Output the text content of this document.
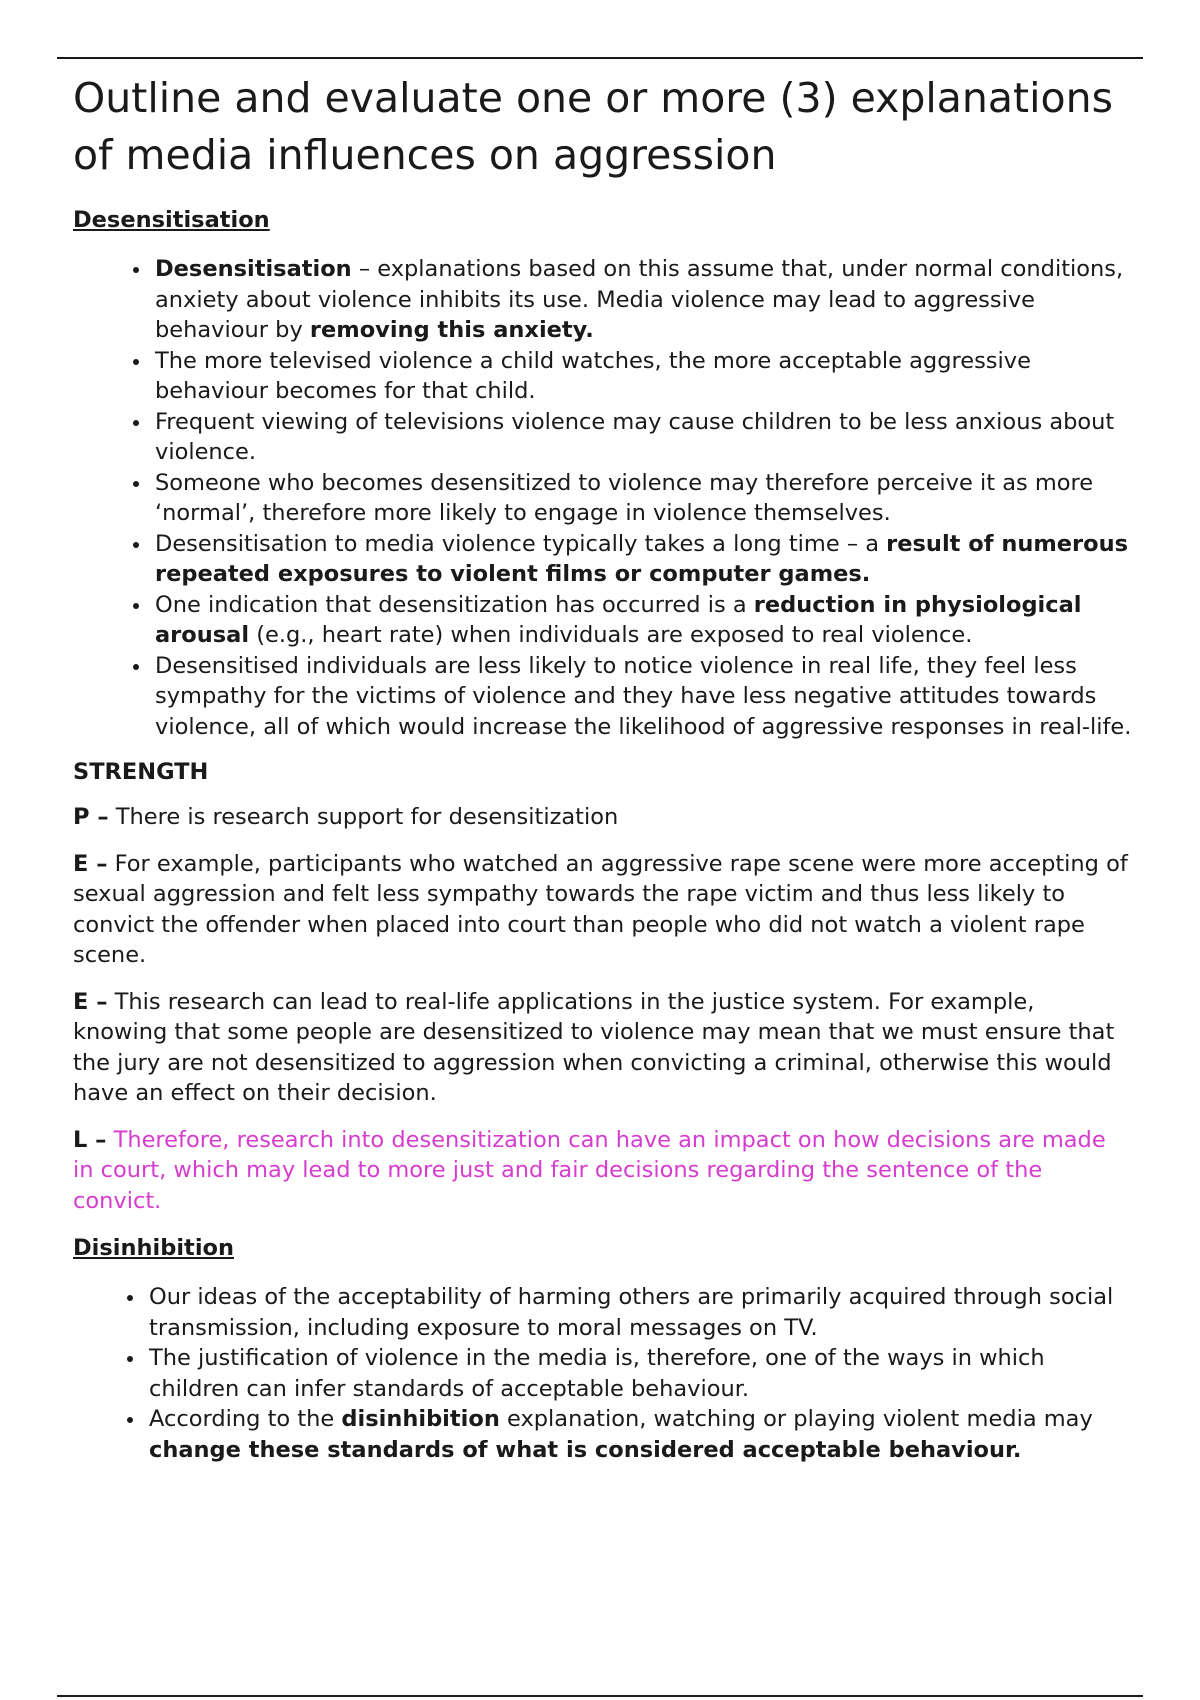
Outline and evaluate one or more (3) explanations of media influences on aggression
Desensitisation
• Desensitisation – explanations based on this assume that, under normal conditions, anxiety about violence inhibits its use. Media violence may lead to aggressive behaviour by removing this anxiety.
• The more televised violence a child watches, the more acceptable aggressive behaviour becomes for that child.
• Frequent viewing of televisions violence may cause children to be less anxious about violence.
• Someone who becomes desensitized to violence may therefore perceive it as more ‘normal’, therefore more likely to engage in violence themselves.
• Desensitisation to media violence typically takes a long time – a result of numerous repeated exposures to violent films or computer games.
• One indication that desensitization has occurred is a reduction in physiological arousal (e.g., heart rate) when individuals are exposed to real violence.
• Desensitised individuals are less likely to notice violence in real life, they feel less sympathy for the victims of violence and they have less negative attitudes towards violence, all of which would increase the likelihood of aggressive responses in real-life.
STRENGTH

P – There is research support for desensitization

E – For example, participants who watched an aggressive rape scene were more accepting of sexual aggression and felt less sympathy towards the rape victim and thus less likely to convict the offender when placed into court than people who did not watch a violent rape scene.

E – This research can lead to real-life applications in the justice system. For example, knowing that some people are desensitized to violence may mean that we must ensure that the jury are not desensitized to aggression when convicting a criminal, otherwise this would have an effect on their decision.

L – Therefore, research into desensitization can have an impact on how decisions are made in court, which may lead to more just and fair decisions regarding the sentence of the convict.

Disinhibition
• Our ideas of the acceptability of harming others are primarily acquired through social transmission, including exposure to moral messages on TV.
• The justification of violence in the media is, therefore, one of the ways in which children can infer standards of acceptable behaviour.
• According to the disinhibition explanation, watching or playing violent media may change these standards of what is considered acceptable behaviour.
